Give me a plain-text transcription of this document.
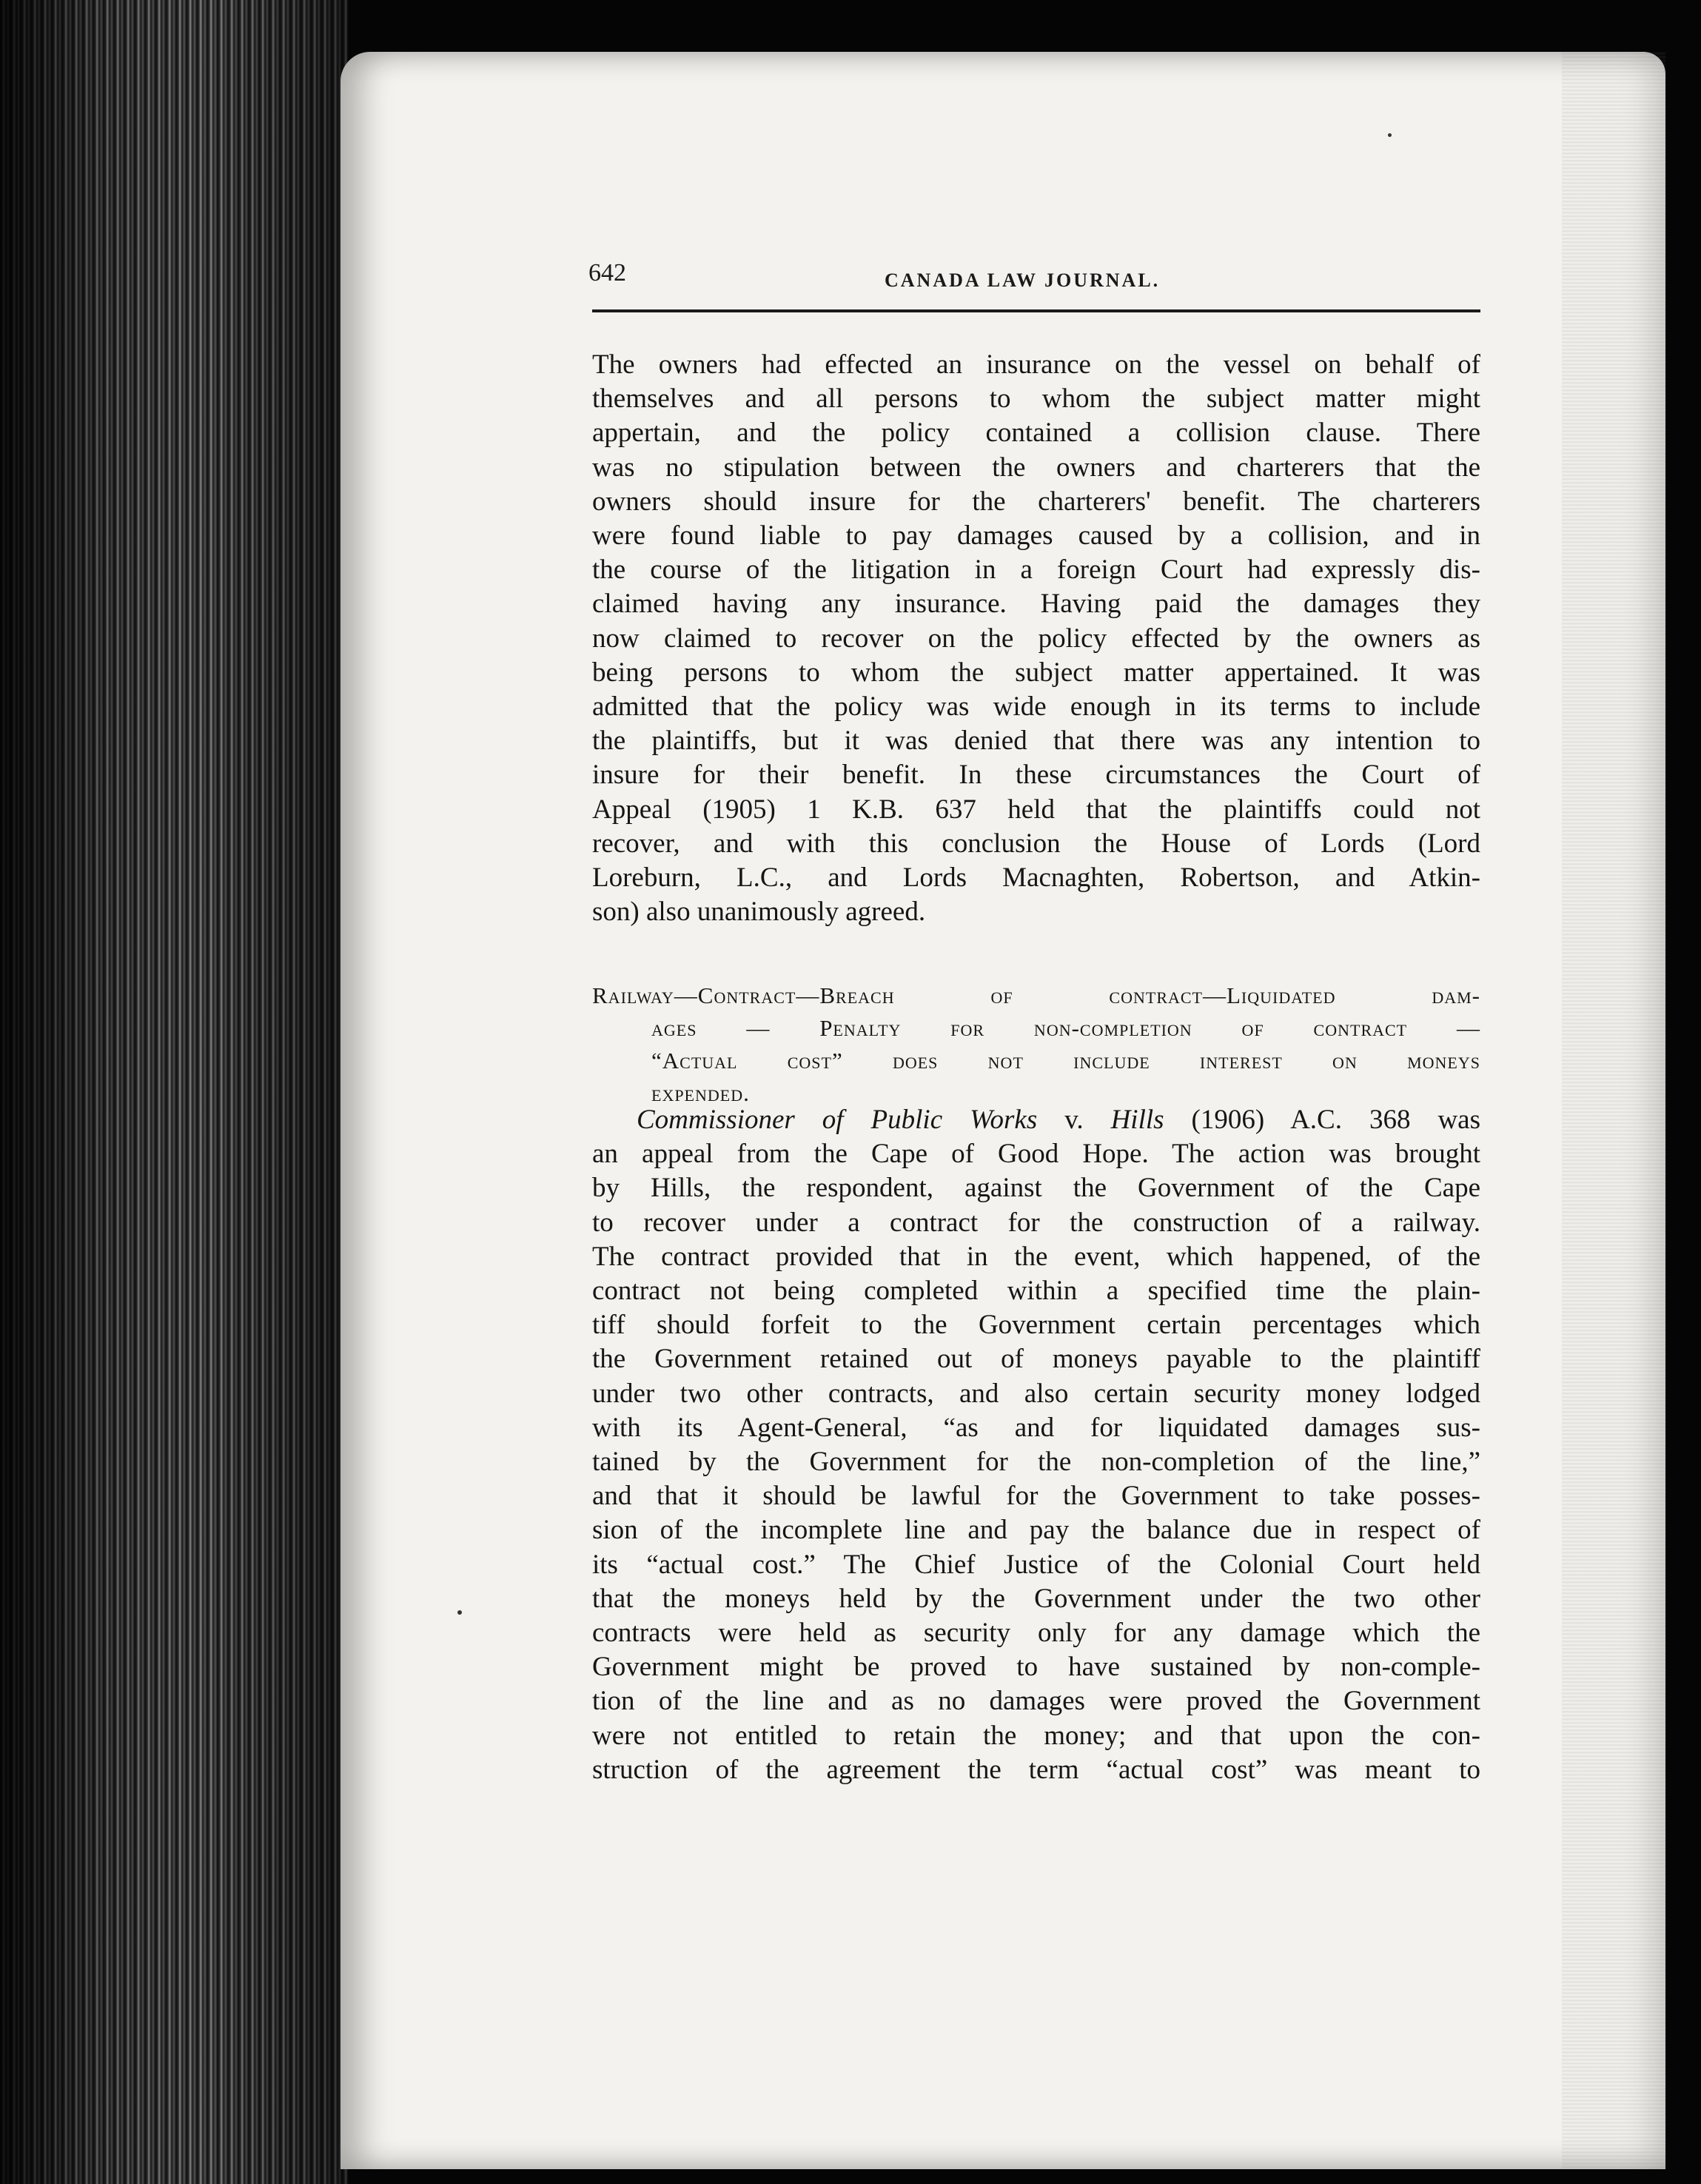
642	CANADA LAW JOURNAL.
The owners had effected an insurance on the vessel on behalf of
themselves and all persons to whom the subject matter might
appertain, and the policy contained a collision clause. There
was no stipulation between the owners and charterers that the
owners should insure for the charterers' benefit. The charterers
were found liable to pay damages caused by a collision, and in
the course of the litigation in a foreign Court had expressly dis-
claimed having any insurance. Having paid the damages they
now claimed to recover on the policy effected by the owners as
being persons to whom the subject matter appertained. It was
admitted that the policy was wide enough in its terms to include
the plaintiffs, but it was denied that there was any intention to
insure for their benefit. In these circumstances the Court of
Appeal (1905) 1 K.B. 637 held that the plaintiffs could not
recover, and with this conclusion the House of Lords (Lord
Loreburn, L.C., and Lords Macnaghten, Robertson, and Atkin-
son) also unanimously agreed.
Railway—Contract—Breach of contract—Liquidated dam-
ages — Penalty for non-completion of contract —
“Actual cost” does not include interest on moneys
expended.
Commissioner of Public Works v. Hills (1906) A.C. 368 was
an appeal from the Cape of Good Hope. The action was brought
by Hills, the respondent, against the Government of the Cape
to recover under a contract for the construction of a railway.
The contract provided that in the event, which happened, of the
contract not being completed within a specified time the plain-
tiff should forfeit to the Government certain percentages which
the Government retained out of moneys payable to the plaintiff
under two other contracts, and also certain security money lodged
with its Agent-General, “as and for liquidated damages sus-
tained by the Government for the non-completion of the line,”
and that it should be lawful for the Government to take posses-
sion of the incomplete line and pay the balance due in respect of
its “actual cost.” The Chief Justice of the Colonial Court held
that the moneys held by the Government under the two other
contracts were held as security only for any damage which the
Government might be proved to have sustained by non-comple-
tion of the line and as no damages were proved the Government
were not entitled to retain the money; and that upon the con-
struction of the agreement the term “actual cost” was meant to
